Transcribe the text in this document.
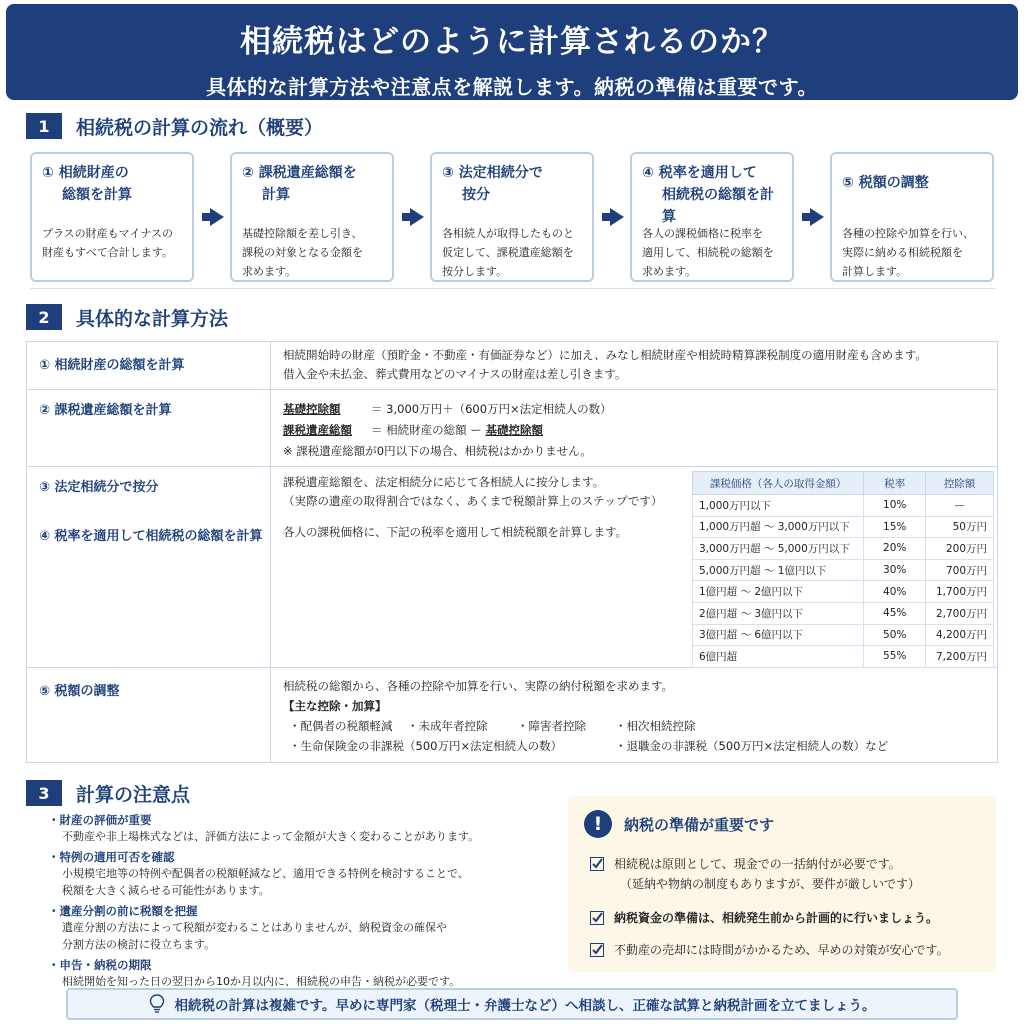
相続税はどのように計算されるのか？
具体的な計算方法や注意点を解説します。納税の準備は重要です。
1	相続税の計算の流れ（概要）
① 相続財産の
総額を計算
プラスの財産もマイナスの
財産もすべて合計します。
② 課税遺産総額を
計算
基礎控除額を差し引き、
課税の対象となる金額を
求めます。
③ 法定相続分で
按分
各相続人が取得したものと
仮定して、課税遺産総額を
按分します。
④ 税率を適用して
相続税の総額を計算
各人の課税価格に税率を
適用して、相続税の総額を
求めます。
⑤ 税額の調整
各種の控除や加算を行い、
実際に納める相続税額を
計算します。
2	具体的な計算方法
① 相続財産の総額を計算
相続開始時の財産（預貯金・不動産・有価証券など）に加え、みなし相続財産や相続時精算課税制度の適用財産も含めます。
借入金や未払金、葬式費用などのマイナスの財産は差し引きます。
② 課税遺産総額を計算	基礎控除額	＝ 3,000万円＋（600万円×法定相続人の数）
課税遺産総額 ＝ 相続財産の総額 ー 基礎控除額
※ 課税遺産総額が0円以下の場合、相続税はかかりません。
③ 法定相続分で按分	課税遺産総額を、法定相続分に応じて各相続人に按分します。
（実際の遺産の取得割合ではなく、あくまで税額計算上のステップです）
④ 税率を適用して相続税の総額を計算 各人の課税価格に、下記の税率を適用して相続税額を計算します。
⑤ 税額の調整	相続税の総額から、各種の控除や加算を行い、実際の納付税額を求めます。
【主な控除・加算】
・配偶者の税額軽減 ・未成年者控除	・障害者控除	・相次相続控除
・生命保険金の非課税（500万円×法定相続人の数）	・退職金の非課税（500万円×法定相続人の数）など
課税価格（各人の取得金額）	税率	控除額
1,000万円以下	10%	ー
1,000万円超 〜 3,000万円以下	15%	50万円
3,000万円超 〜 5,000万円以下	20%	200万円
5,000万円超 〜 1億円以下	30%	700万円
1億円超 〜 2億円以下	40%	1,700万円
2億円超 〜 3億円以下	45%	2,700万円
3億円超 〜 6億円以下	50%	4,200万円
6億円超	55%	7,200万円
3	計算の注意点
・財産の評価が重要
不動産や非上場株式などは、評価方法によって金額が大きく変わることがあります。
・特例の適用可否を確認
小規模宅地等の特例や配偶者の税額軽減など、適用できる特例を検討することで、
税額を大きく減らせる可能性があります。
・遺産分割の前に税額を把握
遺産分割の方法によって税額が変わることはありませんが、納税資金の確保や
分割方法の検討に役立ちます。
・申告・納税の期限
相続開始を知った日の翌日から10か月以内に、相続税の申告・納税が必要です。
!	納税の準備が重要です
相続税は原則として、現金での一括納付が必要です。
（延納や物納の制度もありますが、要件が厳しいです）
納税資金の準備は、相続発生前から計画的に行いましょう。
不動産の売却には時間がかかるため、早めの対策が安心です。
相続税の計算は複雑です。早めに専門家（税理士・弁護士など）へ相談し、正確な試算と納税計画を立てましょう。
